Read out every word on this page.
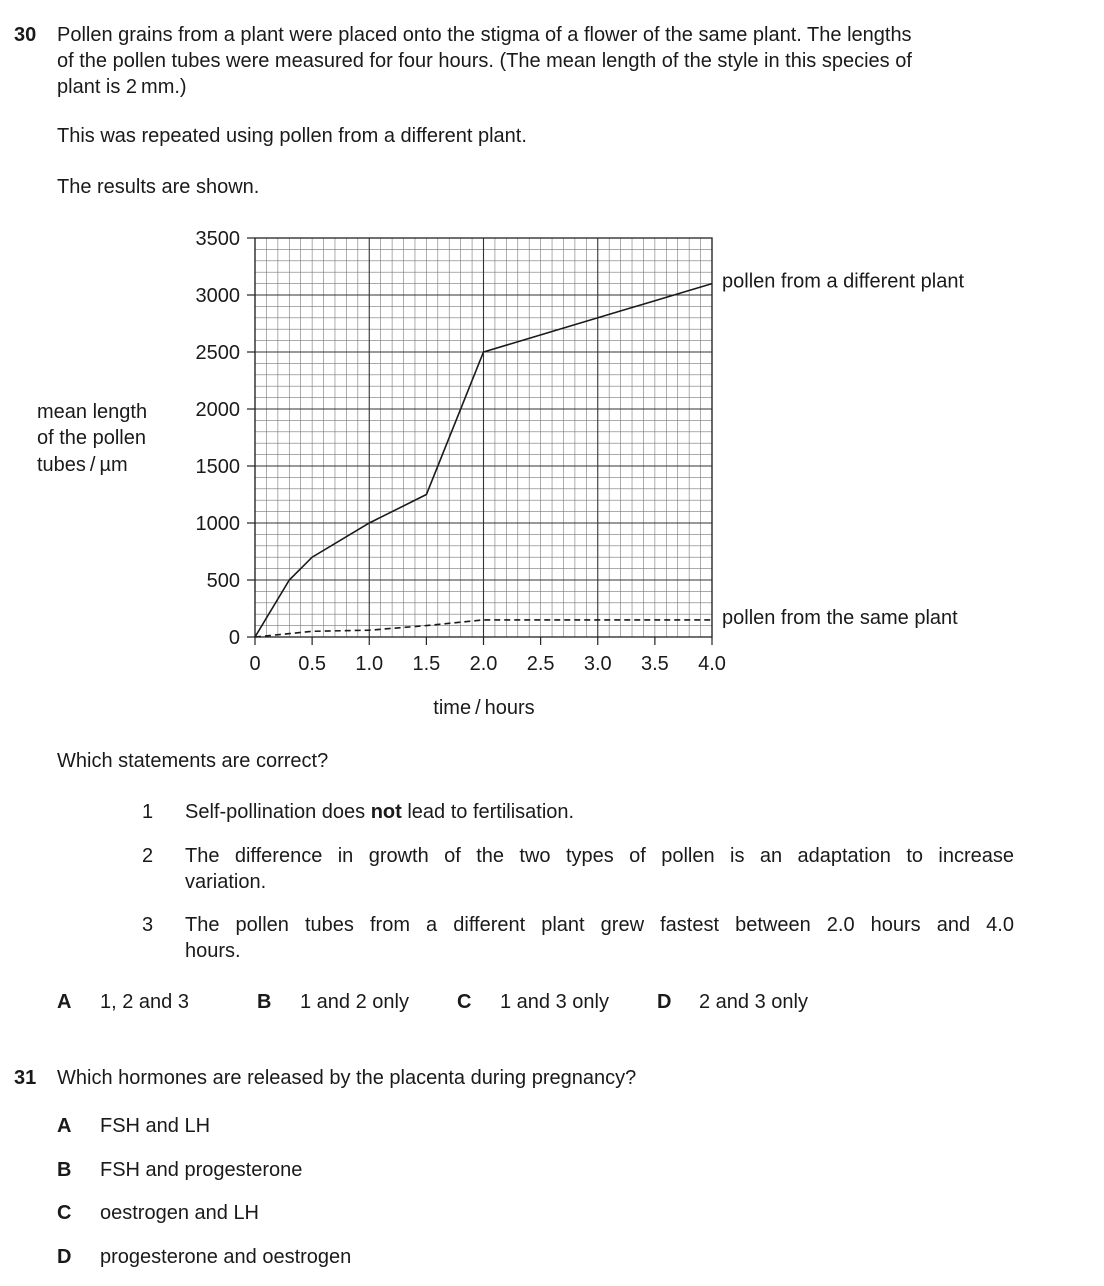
30 Pollen grains from a plant were placed onto the stigma of a flower of the same plant. The lengths
of the pollen tubes were measured for four hours. (The mean length of the style in this species of
plant is 2 mm.)
This was repeated using pollen from a different plant.
The results are shown.
0
500
1000
1500
2000
2500
3000
3500
0 0.5 1.0 1.5 2.0 2.5 3.0 3.5 4.0
pollen from a different plant
pollen from the same plant
time / hours
mean length
of the pollen
tubes / µm
Which statements are correct?
1 Self-pollination does not lead to fertilisation.
2 The difference in growth of the two types of pollen is an adaptation to increase
variation.
3 The pollen tubes from a different plant grew fastest between 2.0 hours and 4.0
hours.
A 1, 2 and 3	B 1 and 2 only C 1 and 3 only D 2 and 3 only
31 Which hormones are released by the placenta during pregnancy?
A FSH and LH
B FSH and progesterone
C oestrogen and LH
D progesterone and oestrogen
